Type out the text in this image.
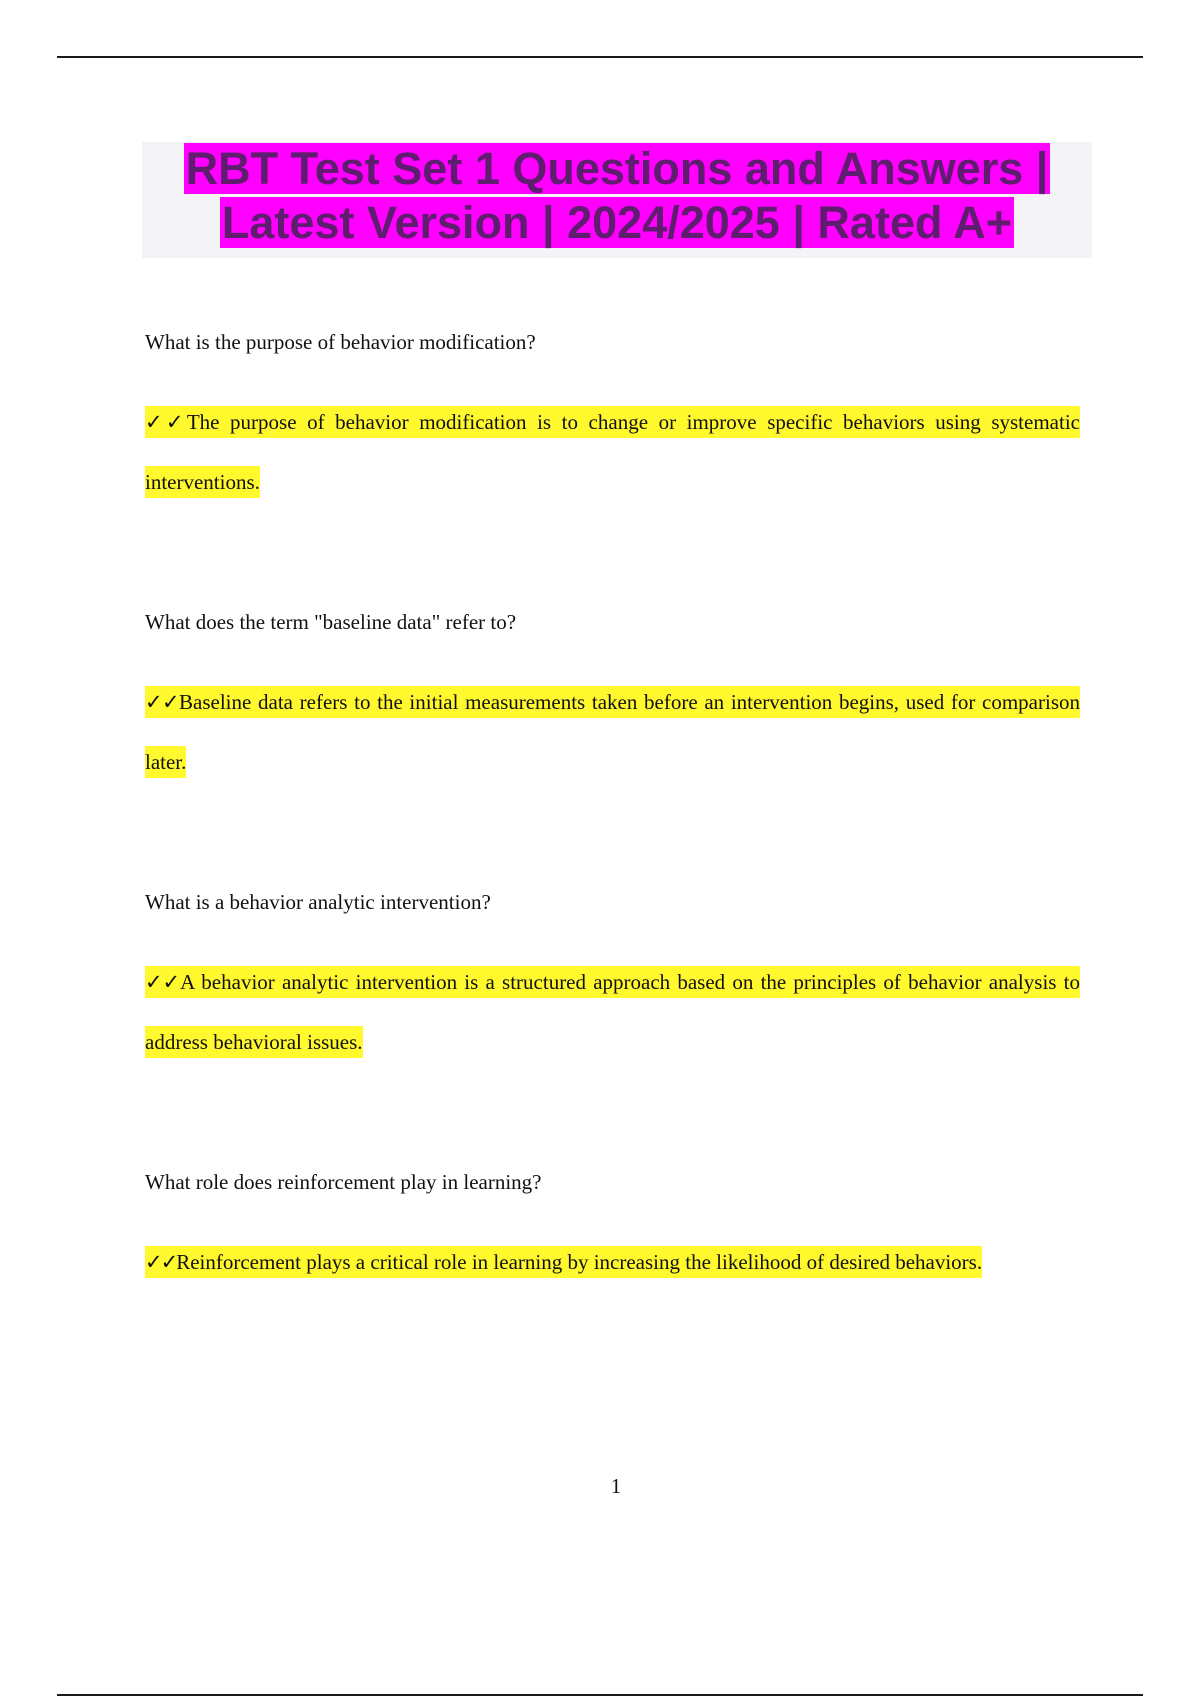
RBT Test Set 1 Questions and Answers |
Latest Version | 2024/2025 | Rated A+

What is the purpose of behavior modification?

✓✓The purpose of behavior modification is to change or improve specific behaviors using systematic interventions.

What does the term "baseline data" refer to?

✓✓Baseline data refers to the initial measurements taken before an intervention begins, used for comparison later.

What is a behavior analytic intervention?

✓✓A behavior analytic intervention is a structured approach based on the principles of behavior analysis to address behavioral issues.

What role does reinforcement play in learning?

✓✓Reinforcement plays a critical role in learning by increasing the likelihood of desired behaviors.

1
